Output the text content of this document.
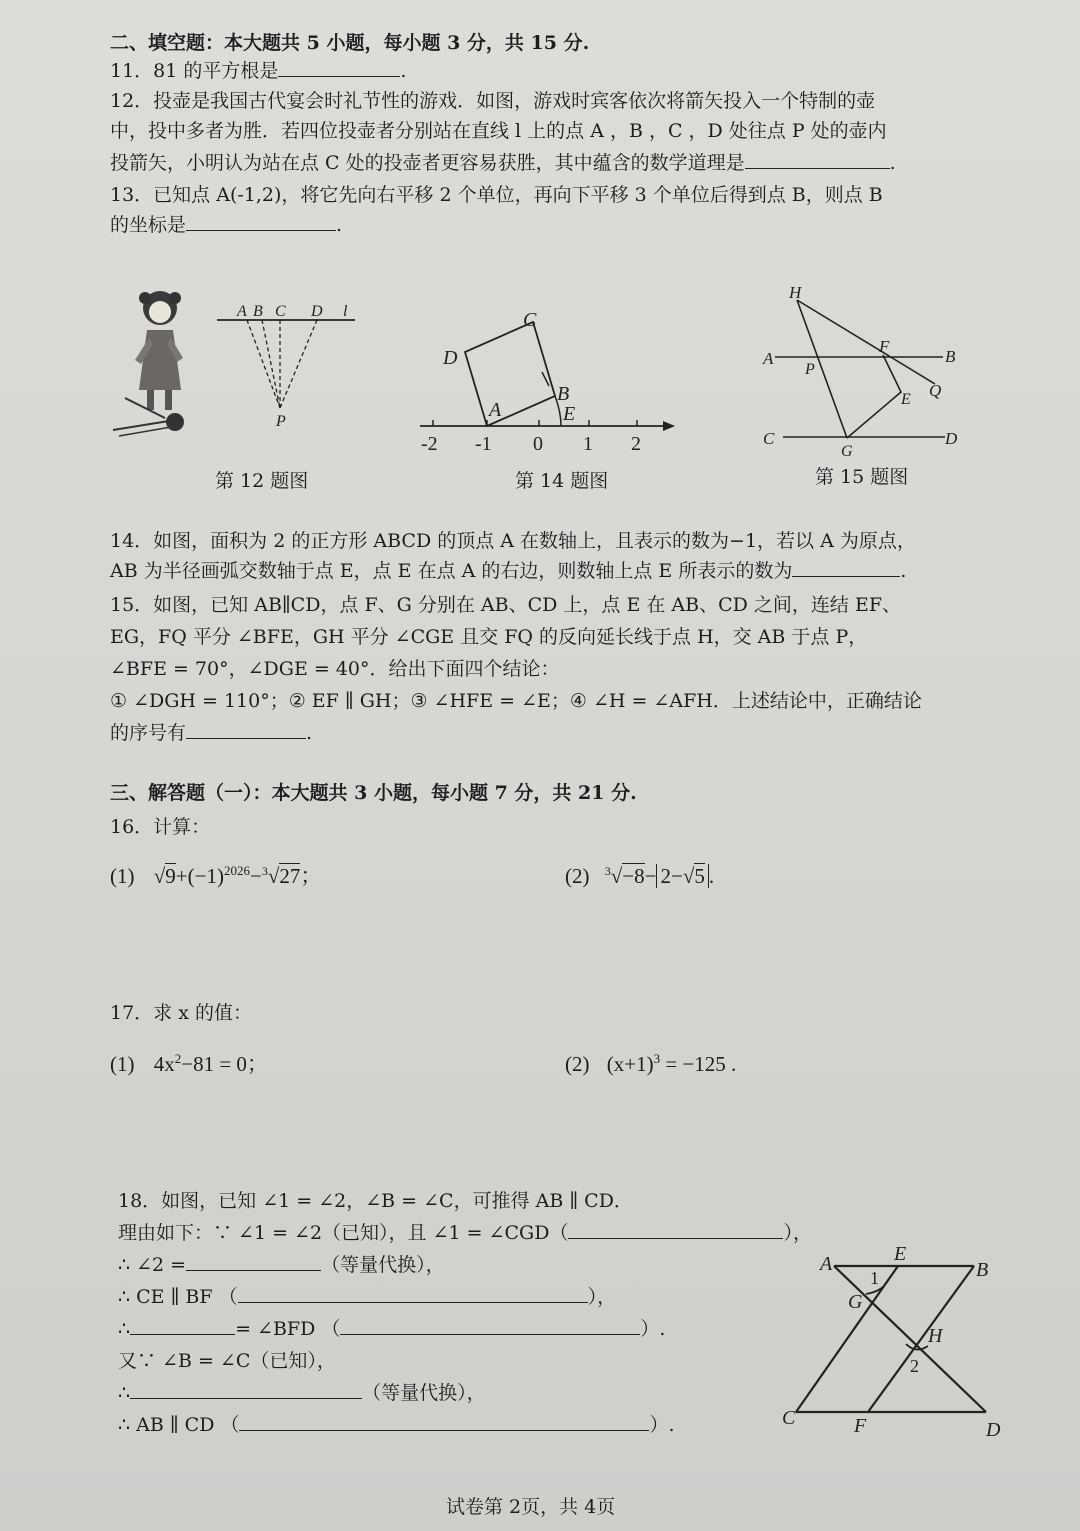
二、填空题：本大题共 5 小题，每小题 3 分，共 15 分.
11．81 的平方根是	.
12．投壶是我国古代宴会时礼节性的游戏．如图，游戏时宾客依次将箭矢投入一个特制的壶
中，投中多者为胜．若四位投壶者分别站在直线 l 上的点 A ，B ，C ，D 处往点 P 处的壶内
投箭矢，小明认为站在点 C 处的投壶者更容易获胜，其中蕴含的数学道理是	.
13．已知点 A(-1,2)，将它先向右平移 2 个单位，再向下平移 3 个单位后得到点 B，则点 B
的坐标是	.
A B C D l
P
第 12 题图
C
D
B
A	E
-2 -1 0 1 2
第 14 题图
H
A
P
F
B
Q
E
C
G
D
第 15 题图
14．如图，面积为 2 的正方形 ABCD 的顶点 A 在数轴上，且表示的数为−1，若以 A 为原点，
AB 为半径画弧交数轴于点 E，点 E 在点 A 的右边，则数轴上点 E 所表示的数为	.
15．如图，已知 AB∥CD，点 F、G 分别在 AB、CD 上，点 E 在 AB、CD 之间，连结 EF、
EG，FQ 平分 ∠BFE，GH 平分 ∠CGE 且交 FQ 的反向延长线于点 H，交 AB 于点 P，
∠BFE = 70°，∠DGE = 40°．给出下面四个结论：
① ∠DGH = 110°；② EF ∥ GH；③ ∠HFE = ∠E；④ ∠H = ∠AFH．上述结论中，正确结论
的序号有	.
三、解答题（一）：本大题共 3 小题，每小题 7 分，共 21 分.
16．计算：
(1) $√9+(-1)^{2026}-^3√27$；	(2) $^3$√−8− 2−√5 .
17．求 x 的值：
(1) $4x^2-81 = 0$；	(2) $(x+1)^3 = -125$ .
18．如图，已知 ∠1 = ∠2，∠B = ∠C，可推得 AB ∥ CD．
理由如下：∵ ∠1 = ∠2（已知），且 ∠1 = ∠CGD（	），
∴ ∠2 =	（等量代换），
∴ CE ∥ BF （	），
∴	= ∠BFD （	）.
又∵ ∠B = ∠C（已知），
∴	（等量代换），
∴ AB ∥ CD （	）.
A	E
B
1
G
H
2
C	F	D
试卷第 2页，共 4页
